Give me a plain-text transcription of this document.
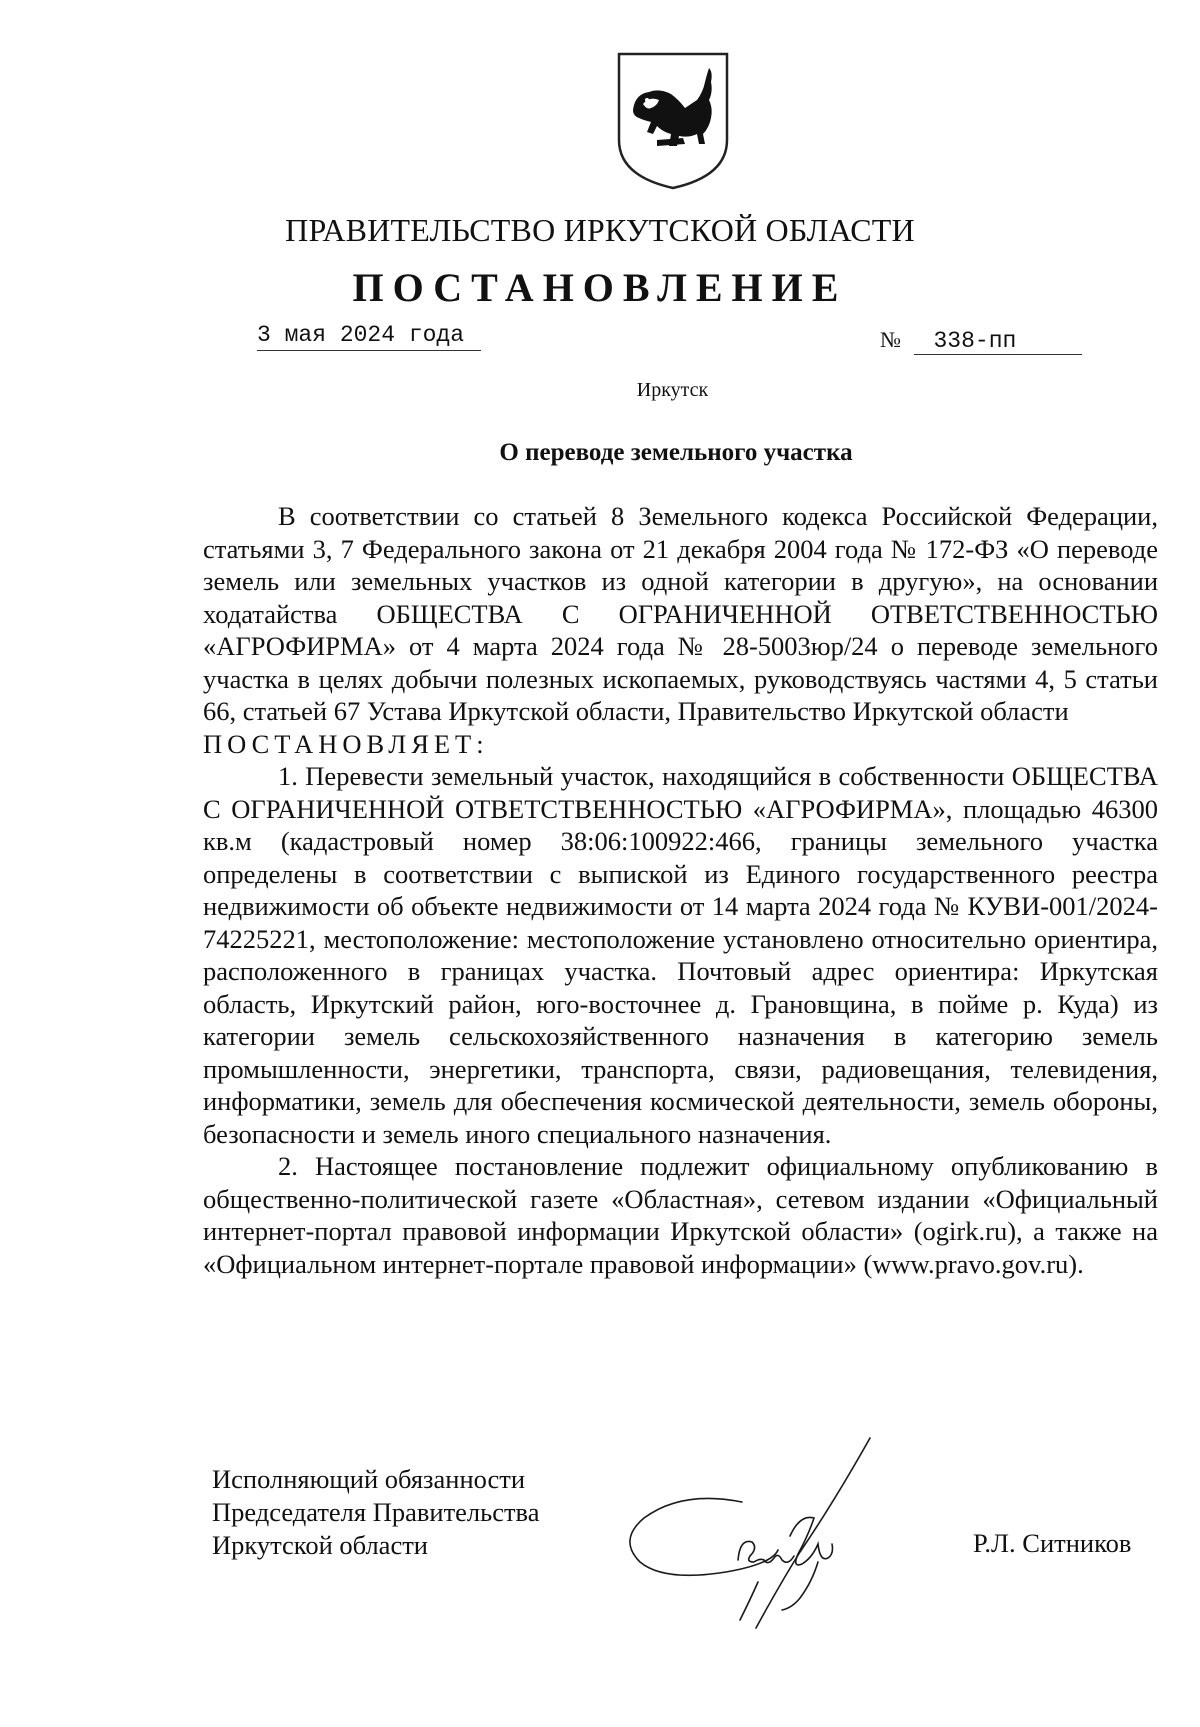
ПРАВИТЕЛЬСТВО ИРКУТСКОЙ ОБЛАСТИ
ПОСТАНОВЛЕНИЕ
3 мая 2024 года	№ 338-пп
Иркутск
О переводе земельного участка

В соответствии со статьей 8 Земельного кодекса Российской Федерации, статьями 3, 7 Федерального закона от 21 декабря 2004 года № 172-ФЗ «О переводе земель или земельных участков из одной категории в другую», на основании ходатайства ОБЩЕСТВА С ОГРАНИЧЕННОЙ ОТВЕТСТВЕННОСТЬЮ «АГРОФИРМА» от 4 марта 2024 года № 28-5003юр/24 о переводе земельного участка в целях добычи полезных ископаемых, руководствуясь частями 4, 5 статьи 66, статьей 67 Устава Иркутской области, Правительство Иркутской области

ПОСТАНОВЛЯЕТ:

1. Перевести земельный участок, находящийся в собственности ОБЩЕСТВА С ОГРАНИЧЕННОЙ ОТВЕТСТВЕННОСТЬЮ «АГРОФИРМА», площадью 46300 кв.м (кадастровый номер 38:06:100922:466, границы земельного участка определены в соответствии с выпиской из Единого государственного реестра недвижимости об объекте недвижимости от 14 марта 2024 года № КУВИ-001/2024-74225221, местоположение: местоположение установлено относительно ориентира, расположенного в границах участка. Почтовый адрес ориентира: Иркутская область, Иркутский район, юго-восточнее д. Грановщина, в пойме р. Куда) из категории земель сельскохозяйственного назначения в категорию земель промышленности, энергетики, транспорта, связи, радиовещания, телевидения, информатики, земель для обеспечения космической деятельности, земель обороны, безопасности и земель иного специального назначения.

2. Настоящее постановление подлежит официальному опубликованию в общественно-политической газете «Областная», сетевом издании «Официальный интернет-портал правовой информации Иркутской области» (ogirk.ru), а также на «Официальном интернет-портале правовой информации» (www.pravo.gov.ru).

Исполняющий обязанности
Председателя Правительства
Иркутской области	Р.Л. Ситников
